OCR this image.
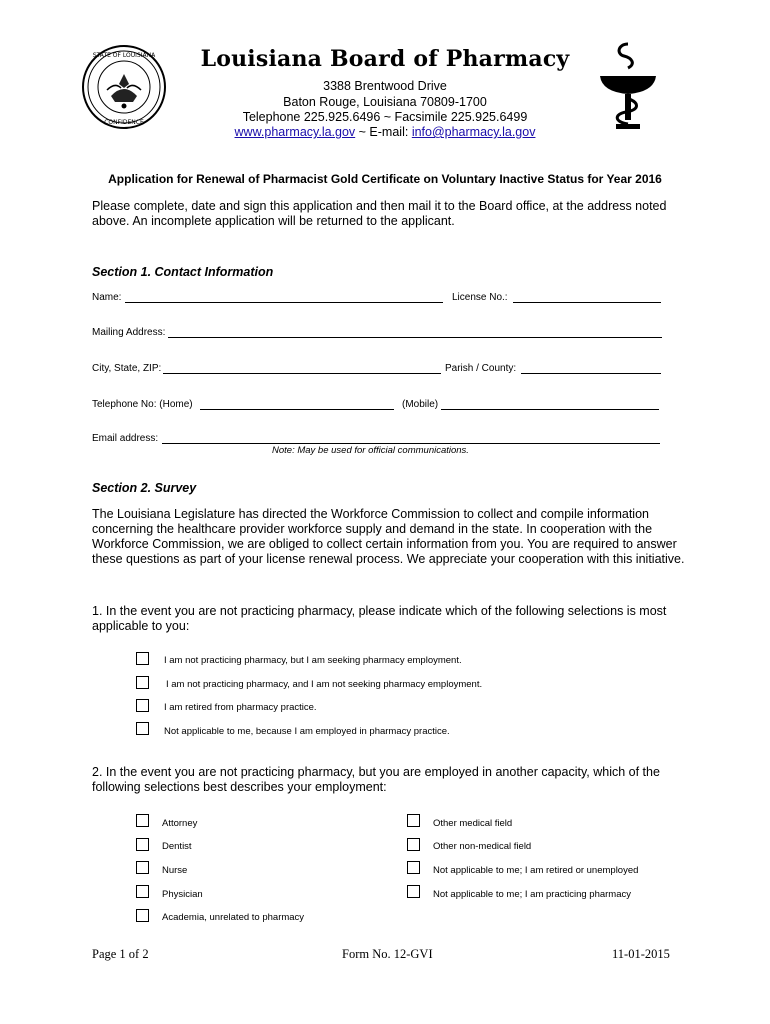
STATE OF LOUISIANA
CONFIDENCE
Louisiana Board of Pharmacy
3388 Brentwood Drive
Baton Rouge, Louisiana 70809-1700
Telephone 225.925.6496 ~ Facsimile 225.925.6499
www.pharmacy.la.gov ~ E-mail: info@pharmacy.la.gov
Application for Renewal of Pharmacist Gold Certificate on Voluntary Inactive Status for Year 2016
Please complete, date and sign this application and then mail it to the Board office, at the address noted above. An incomplete application will be returned to the applicant.
Section 1. Contact Information
Name:	License No.:
Mailing Address:
City, State, ZIP:	Parish / County:
Telephone No: (Home)	(Mobile)
Email address:
Note: May be used for official communications.
Section 2. Survey
The Louisiana Legislature has directed the Workforce Commission to collect and compile information concerning the healthcare provider workforce supply and demand in the state. In cooperation with the Workforce Commission, we are obliged to collect certain information from you. You are required to answer these questions as part of your license renewal process. We appreciate your cooperation with this initiative.
1. In the event you are not practicing pharmacy, please indicate which of the following selections is most applicable to you:
I am not practicing pharmacy, but I am seeking pharmacy employment.
I am not practicing pharmacy, and I am not seeking pharmacy employment.
I am retired from pharmacy practice.
Not applicable to me, because I am employed in pharmacy practice.
2. In the event you are not practicing pharmacy, but you are employed in another capacity, which of the following selections best describes your employment:
Attorney
Dentist
Nurse
Physician
Academia, unrelated to pharmacy
Other medical field
Other non-medical field
Not applicable to me; I am retired or unemployed
Not applicable to me; I am practicing pharmacy
Page 1 of 2	Form No. 12-GVI	11-01-2015
